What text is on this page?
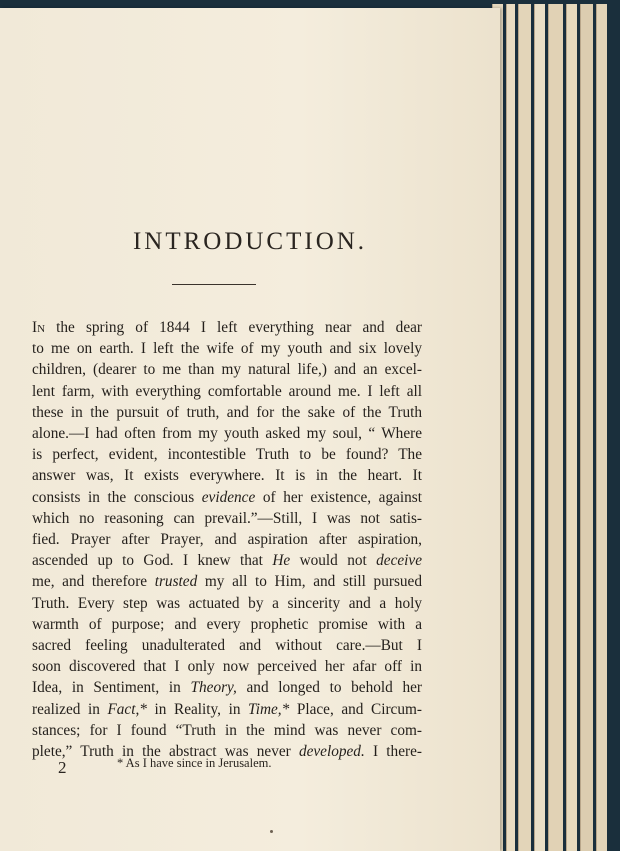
INTRODUCTION.
In the spring of 1844 I left everything near and dear
to me on earth. I left the wife of my youth and six lovely
children, (dearer to me than my natural life,) and an excel-
lent farm, with everything comfortable around me. I left all
these in the pursuit of truth, and for the sake of the Truth
alone.—I had often from my youth asked my soul, “ Where
is perfect, evident, incontestible Truth to be found? The
answer was, It exists everywhere. It is in the heart. It
consists in the conscious evidence of her existence, against
which no reasoning can prevail.”—Still, I was not satis-
fied. Prayer after Prayer, and aspiration after aspiration,
ascended up to God. I knew that He would not deceive
me, and therefore trusted my all to Him, and still pursued
Truth. Every step was actuated by a sincerity and a holy
warmth of purpose; and every prophetic promise with a
sacred feeling unadulterated and without care.—But I
soon discovered that I only now perceived her afar off in
Idea, in Sentiment, in Theory, and longed to behold her
realized in Fact,* in Reality, in Time,* Place, and Circum-
stances; for I found “Truth in the mind was never com-
plete,” Truth in the abstract was never developed. I there-
* As I have since in Jerusalem.
2
